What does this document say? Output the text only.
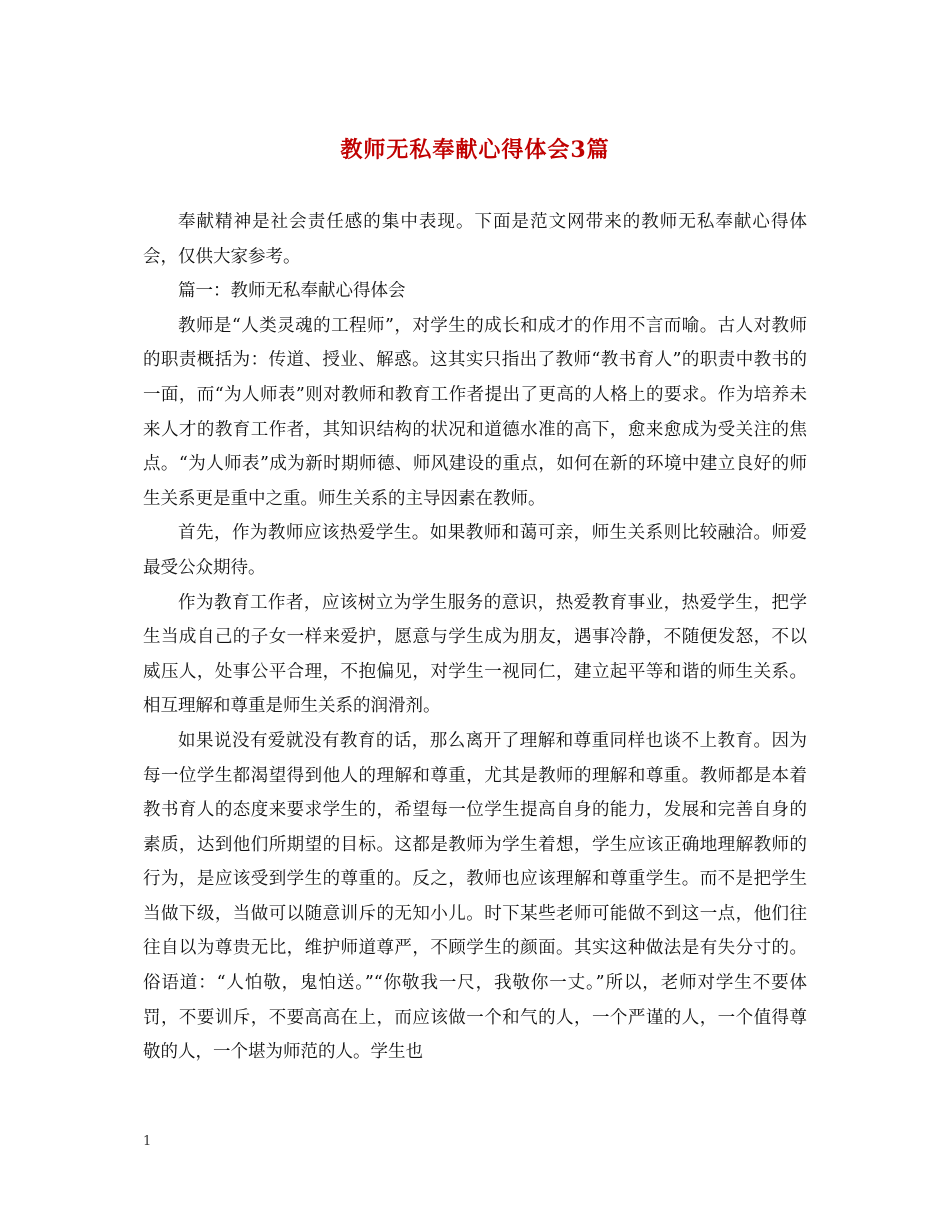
教师无私奉献心得体会3篇

奉献精神是社会责任感的集中表现。下面是范文网带来的教师无私奉献心得体会，仅供大家参考。

篇一：教师无私奉献心得体会

教师是“人类灵魂的工程师”，对学生的成长和成才的作用不言而喻。古人对教师的职责概括为：传道、授业、解惑。这其实只指出了教师“教书育人”的职责中教书的一面，而“为人师表”则对教师和教育工作者提出了更高的人格上的要求。作为培养未来人才的教育工作者，其知识结构的状况和道德水准的高下，愈来愈成为受关注的焦点。“为人师表”成为新时期师德、师风建设的重点，如何在新的环境中建立良好的师生关系更是重中之重。师生关系的主导因素在教师。

首先，作为教师应该热爱学生。如果教师和蔼可亲，师生关系则比较融洽。师爱最受公众期待。

作为教育工作者，应该树立为学生服务的意识，热爱教育事业，热爱学生，把学生当成自己的子女一样来爱护，愿意与学生成为朋友，遇事冷静，不随便发怒，不以威压人，处事公平合理，不抱偏见，对学生一视同仁，建立起平等和谐的师生关系。相互理解和尊重是师生关系的润滑剂。

如果说没有爱就没有教育的话，那么离开了理解和尊重同样也谈不上教育。因为每一位学生都渴望得到他人的理解和尊重，尤其是教师的理解和尊重。教师都是本着教书育人的态度来要求学生的，希望每一位学生提高自身的能力，发展和完善自身的素质，达到他们所期望的目标。这都是教师为学生着想，学生应该正确地理解教师的行为，是应该受到学生的尊重的。反之，教师也应该理解和尊重学生。而不是把学生当做下级，当做可以随意训斥的无知小儿。时下某些老师可能做不到这一点，他们往往自以为尊贵无比，维护师道尊严，不顾学生的颜面。其实这种做法是有失分寸的。俗语道：“人怕敬，鬼怕送。”“你敬我一尺，我敬你一丈。”所以，老师对学生不要体罚，不要训斥，不要高高在上，而应该做一个和气的人，一个严谨的人，一个值得尊敬的人，一个堪为师范的人。学生也

1
